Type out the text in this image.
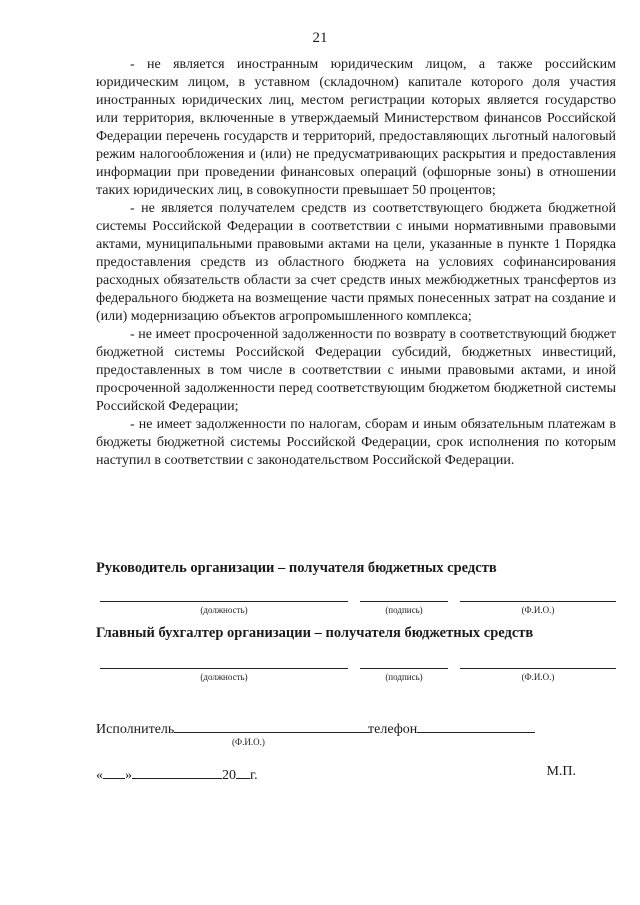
21

- не является иностранным юридическим лицом, а также российским юридическим лицом, в уставном (складочном) капитале которого доля участия иностранных юридических лиц, местом регистрации которых является государство или территория, включенные в утверждаемый Министерством финансов Российской Федерации перечень государств и территорий, предоставляющих льготный налоговый режим налогообложения и (или) не предусматривающих раскрытия и предоставления информации при проведении финансовых операций (офшорные зоны) в отношении таких юридических лиц, в совокупности превышает 50 процентов;

- не является получателем средств из соответствующего бюджета бюджетной системы Российской Федерации в соответствии с иными нормативными правовыми актами, муниципальными правовыми актами на цели, указанные в пункте 1 Порядка предоставления средств из областного бюджета на условиях софинансирования расходных обязательств области за счет средств иных межбюджетных трансфертов из федерального бюджета на возмещение части прямых понесенных затрат на создание и (или) модернизацию объектов агропромышленного комплекса;

- не имеет просроченной задолженности по возврату в соответствующий бюджет бюджетной системы Российской Федерации субсидий, бюджетных инвестиций, предоставленных в том числе в соответствии с иными правовыми актами, и иной просроченной задолженности перед соответствующим бюджетом бюджетной системы Российской Федерации;

- не имеет задолженности по налогам, сборам и иным обязательным платежам в бюджеты бюджетной системы Российской Федерации, срок исполнения по которым наступил в соответствии с законодательством Российской Федерации.

Руководитель организации – получателя бюджетных средств

(должность)	(подпись)	(Ф.И.О.)

Главный бухгалтер организации – получателя бюджетных средств

(должность)	(подпись)	(Ф.И.О.)
Исполнитель
(Ф.И.О.)
телефон
« »	20 г.	М.П.
